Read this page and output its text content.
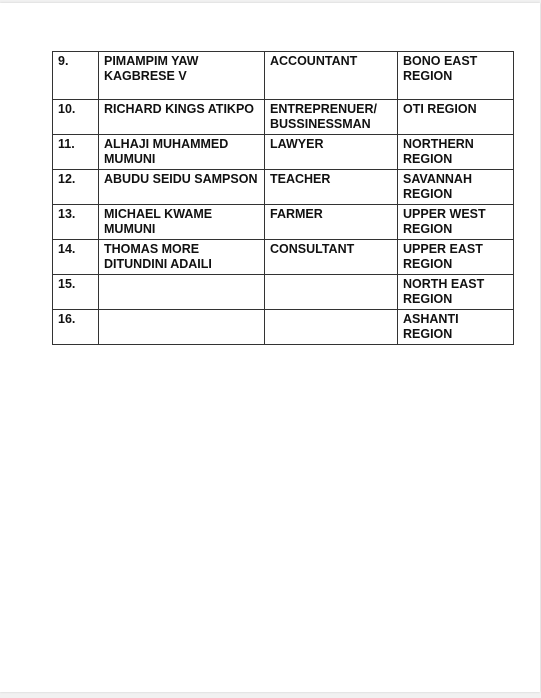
9.	PIMAMPIM YAW KAGBRESE V	ACCOUNTANT	BONO EAST REGION
10.	RICHARD KINGS ATIKPO	ENTREPRENUER/ BUSSINESSMAN	OTI REGION
11.	ALHAJI MUHAMMED MUMUNI	LAWYER	NORTHERN REGION
12.	ABUDU SEIDU SAMPSON	TEACHER	SAVANNAH REGION
13.	MICHAEL KWAME MUMUNI	FARMER	UPPER WEST REGION
14.	THOMAS MORE DITUNDINI ADAILI	CONSULTANT	UPPER EAST REGION
15.			NORTH EAST REGION
16.			ASHANTI REGION
